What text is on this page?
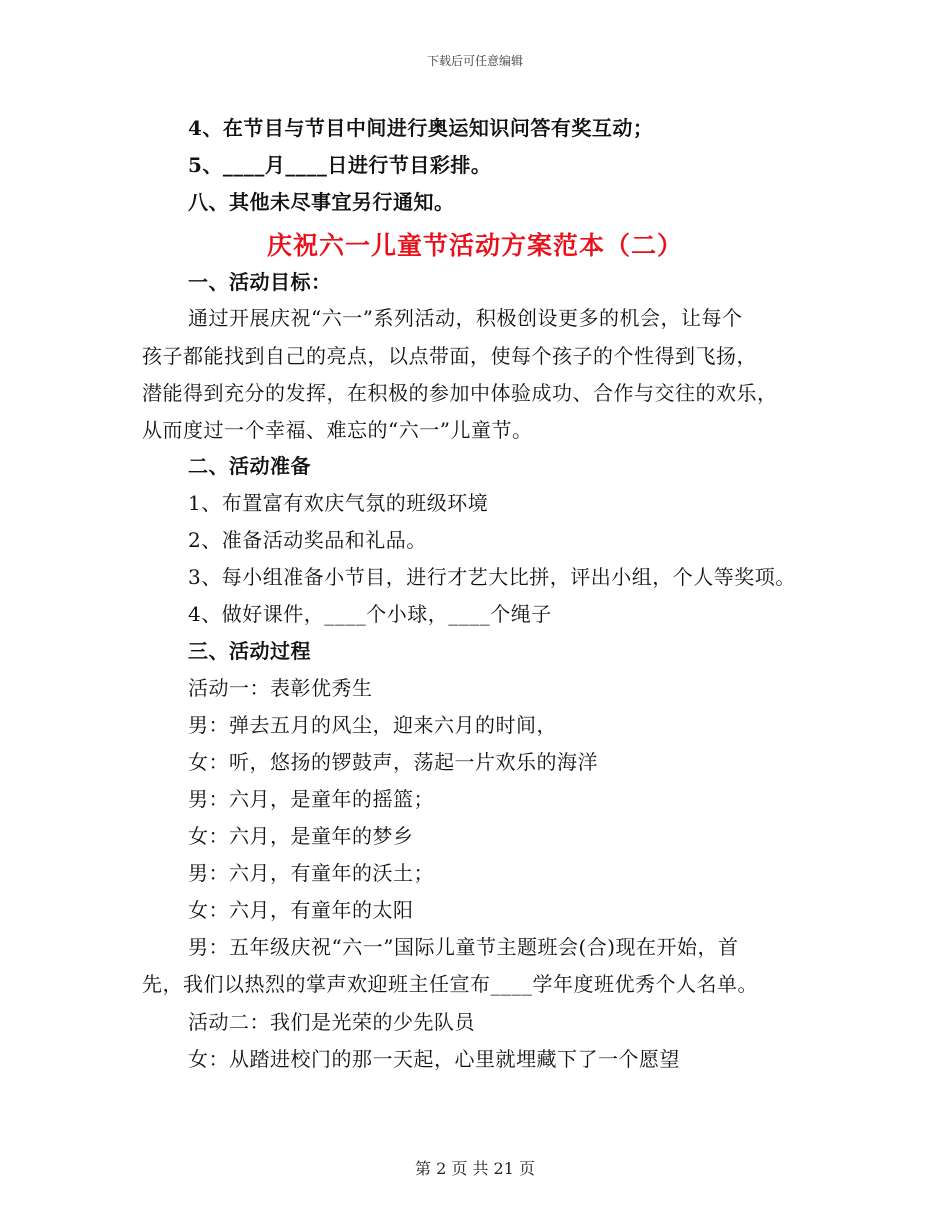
下载后可任意编辑
4、在节目与节目中间进行奥运知识问答有奖互动；
5、____月____日进行节目彩排。
八、其他未尽事宜另行通知。
庆祝六一儿童节活动方案范本（二）
一、活动目标：
通过开展庆祝“六一”系列活动，积极创设更多的机会，让每个
孩子都能找到自己的亮点，以点带面，使每个孩子的个性得到飞扬，
潜能得到充分的发挥，在积极的参加中体验成功、合作与交往的欢乐，
从而度过一个幸福、难忘的“六一”儿童节。
二、活动准备
1、布置富有欢庆气氛的班级环境
2、准备活动奖品和礼品。
3、每小组准备小节目，进行才艺大比拼，评出小组，个人等奖项。
4、做好课件，____个小球，____个绳子
三、活动过程
活动一：表彰优秀生
男：弹去五月的风尘，迎来六月的时间，
女：听，悠扬的锣鼓声，荡起一片欢乐的海洋
男：六月，是童年的摇篮；
女：六月，是童年的梦乡
男：六月，有童年的沃土；
女：六月，有童年的太阳
男：五年级庆祝“六一”国际儿童节主题班会(合)现在开始，首
先，我们以热烈的掌声欢迎班主任宣布____学年度班优秀个人名单。
活动二：我们是光荣的少先队员
女：从踏进校门的那一天起，心里就埋藏下了一个愿望
第 2 页 共 21 页
